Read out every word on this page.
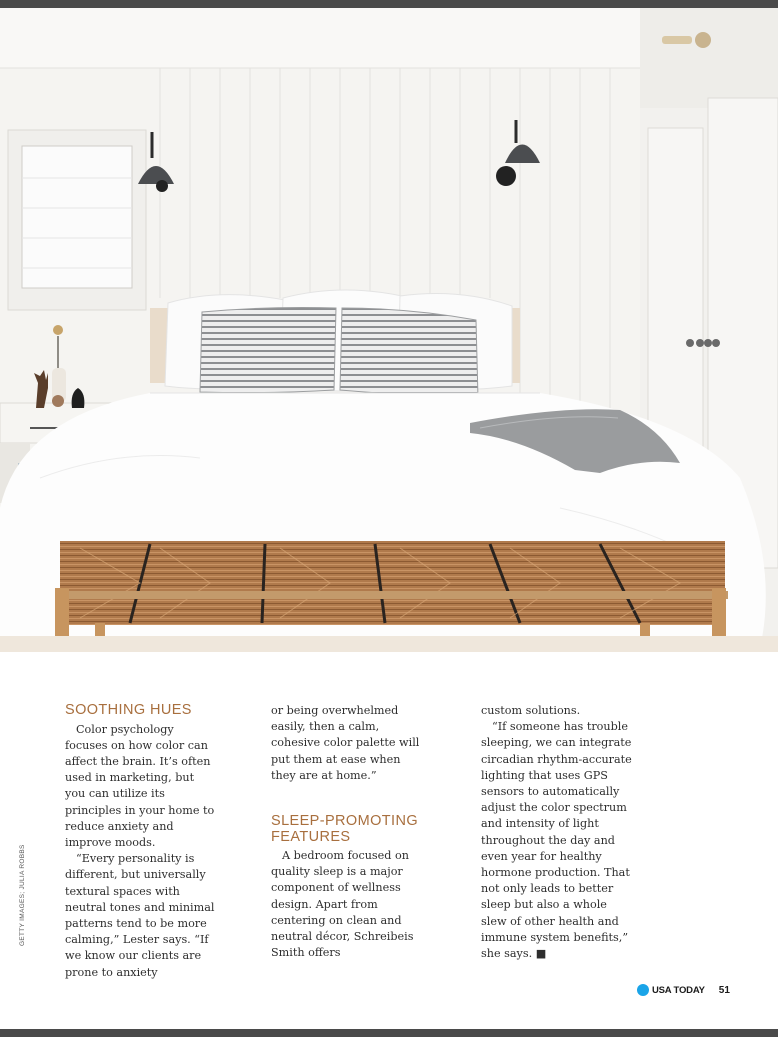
SOOTHING HUES

Color psychology focuses on how color can affect the brain. It’s often used in marketing, but you can utilize its principles in your home to reduce anxiety and improve moods.

“Every personality is different, but universally textural spaces with neutral tones and minimal patterns tend to be more calming,” Lester says. “If we know our clients are prone to anxiety

or being overwhelmed easily, then a calm, cohesive color palette will put them at ease when they are at home.”

SLEEP-PROMOTING FEATURES

A bedroom focused on quality sleep is a major component of wellness design. Apart from centering on clean and neutral décor, Schreibeis Smith offers

custom solutions.

“If someone has trouble sleeping, we can integrate circadian rhythm-accurate lighting that uses GPS sensors to automatically adjust the color spectrum and intensity of light throughout the day and even year for healthy hormone production. That not only leads to better sleep but also a whole slew of other health and immune system benefits,” she says. ■

GETTY IMAGES; JULIA ROBBS
USA TODAY 51
